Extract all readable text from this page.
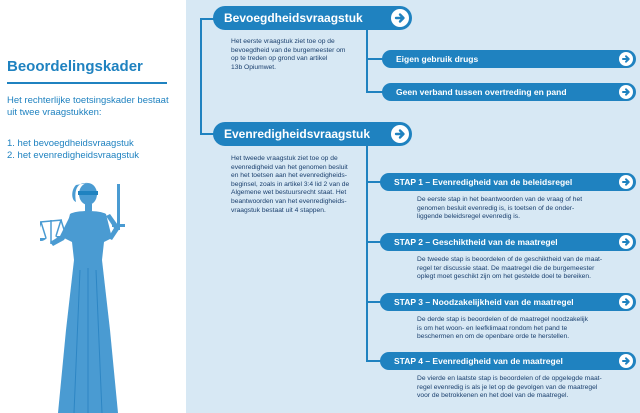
Beoordelingskader
Het rechterlijke toetsingskader bestaat uit twee vraagstukken:
1. het bevoegdheidsvraagstuk
2. het evenredigheidsvraagstuk
Bevoegdheidsvraagstuk
Het eerste vraagstuk ziet toe op de
bevoegdheid van de burgemeester om
op te treden op grond van artikel
13b Opiumwet.
Eigen gebruik drugs
Geen verband tussen overtreding en pand
Evenredigheidsvraagstuk
Het tweede vraagstuk ziet toe op de
evenredigheid van het genomen besluit
en het toetsen aan het evenredigheids-
beginsel, zoals in artikel 3:4 lid 2 van de
Algemene wet bestuursrecht staat. Het
beantwoorden van het evenredigheids-
vraagstuk bestaat uit 4 stappen.
STAP 1 – Evenredigheid van de beleidsregel
De eerste stap in het beantwoorden van de vraag of het
genomen besluit evenredig is, is toetsen of de onder-
liggende beleidsregel evenredig is.
STAP 2 – Geschiktheid van de maatregel
De tweede stap is beoordelen of de geschiktheid van de maat-
regel ter discussie staat. De maatregel die de burgemeester
oplegt moet geschikt zijn om het gestelde doel te bereiken.
STAP 3 – Noodzakelijkheid van de maatregel
De derde stap is beoordelen of de maatregel noodzakelijk
is om het woon- en leefklimaat rondom het pand te
beschermen en om de openbare orde te herstellen.
STAP 4 – Evenredigheid van de maatregel
De vierde en laatste stap is beoordelen of de opgelegde maat-
regel evenredig is als je let op de gevolgen van de maatregel
voor de betrokkenen en het doel van de maatregel.
